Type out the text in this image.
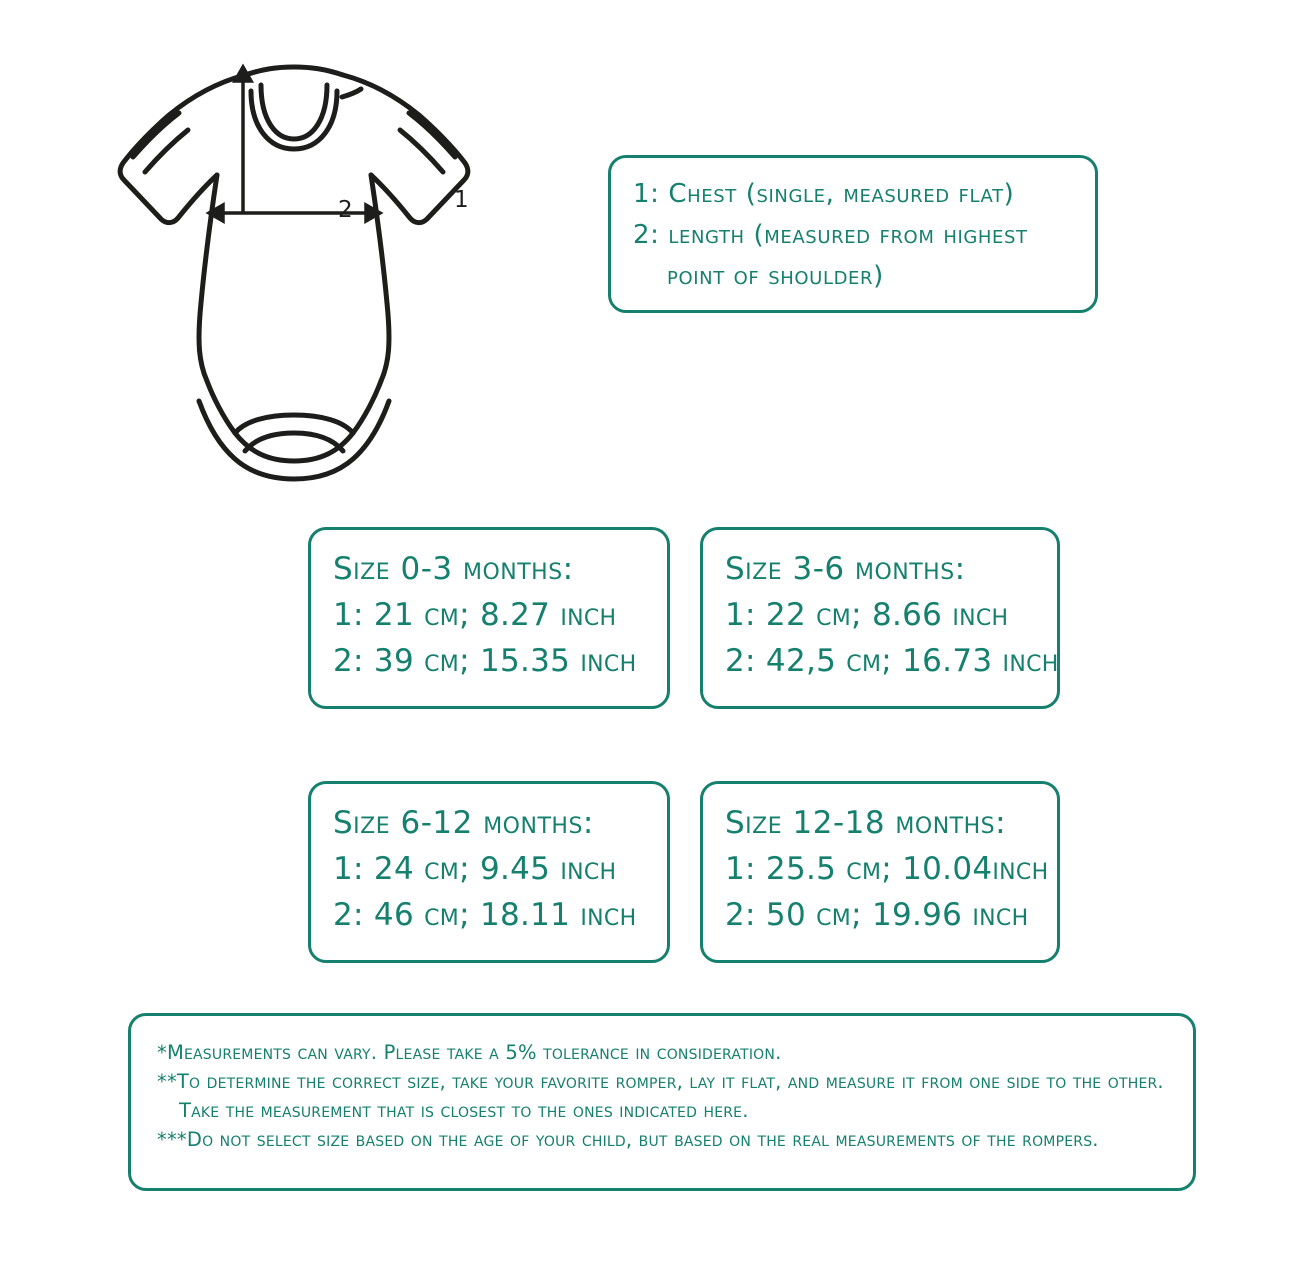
2	1	1: Chest (single, measured flat)
2: length (measured from highest
point of shoulder)
Size 0-3 months:
1: 21 cm; 8.27 inch
2: 39 cm; 15.35 inch
Size 3-6 months:
1: 22 cm; 8.66 inch
2: 42,5 cm; 16.73 inch
Size 6-12 months:
1: 24 cm; 9.45 inch
2: 46 cm; 18.11 inch
Size 12-18 months:
1: 25.5 cm; 10.04inch
2: 50 cm; 19.96 inch
*Measurements can vary. Please take a 5% tolerance in consideration.
**To determine the correct size, take your favorite romper, lay it flat, and measure it from one side to the other.
Take the measurement that is closest to the ones indicated here.
***Do not select size based on the age of your child, but based on the real measurements of the rompers.
